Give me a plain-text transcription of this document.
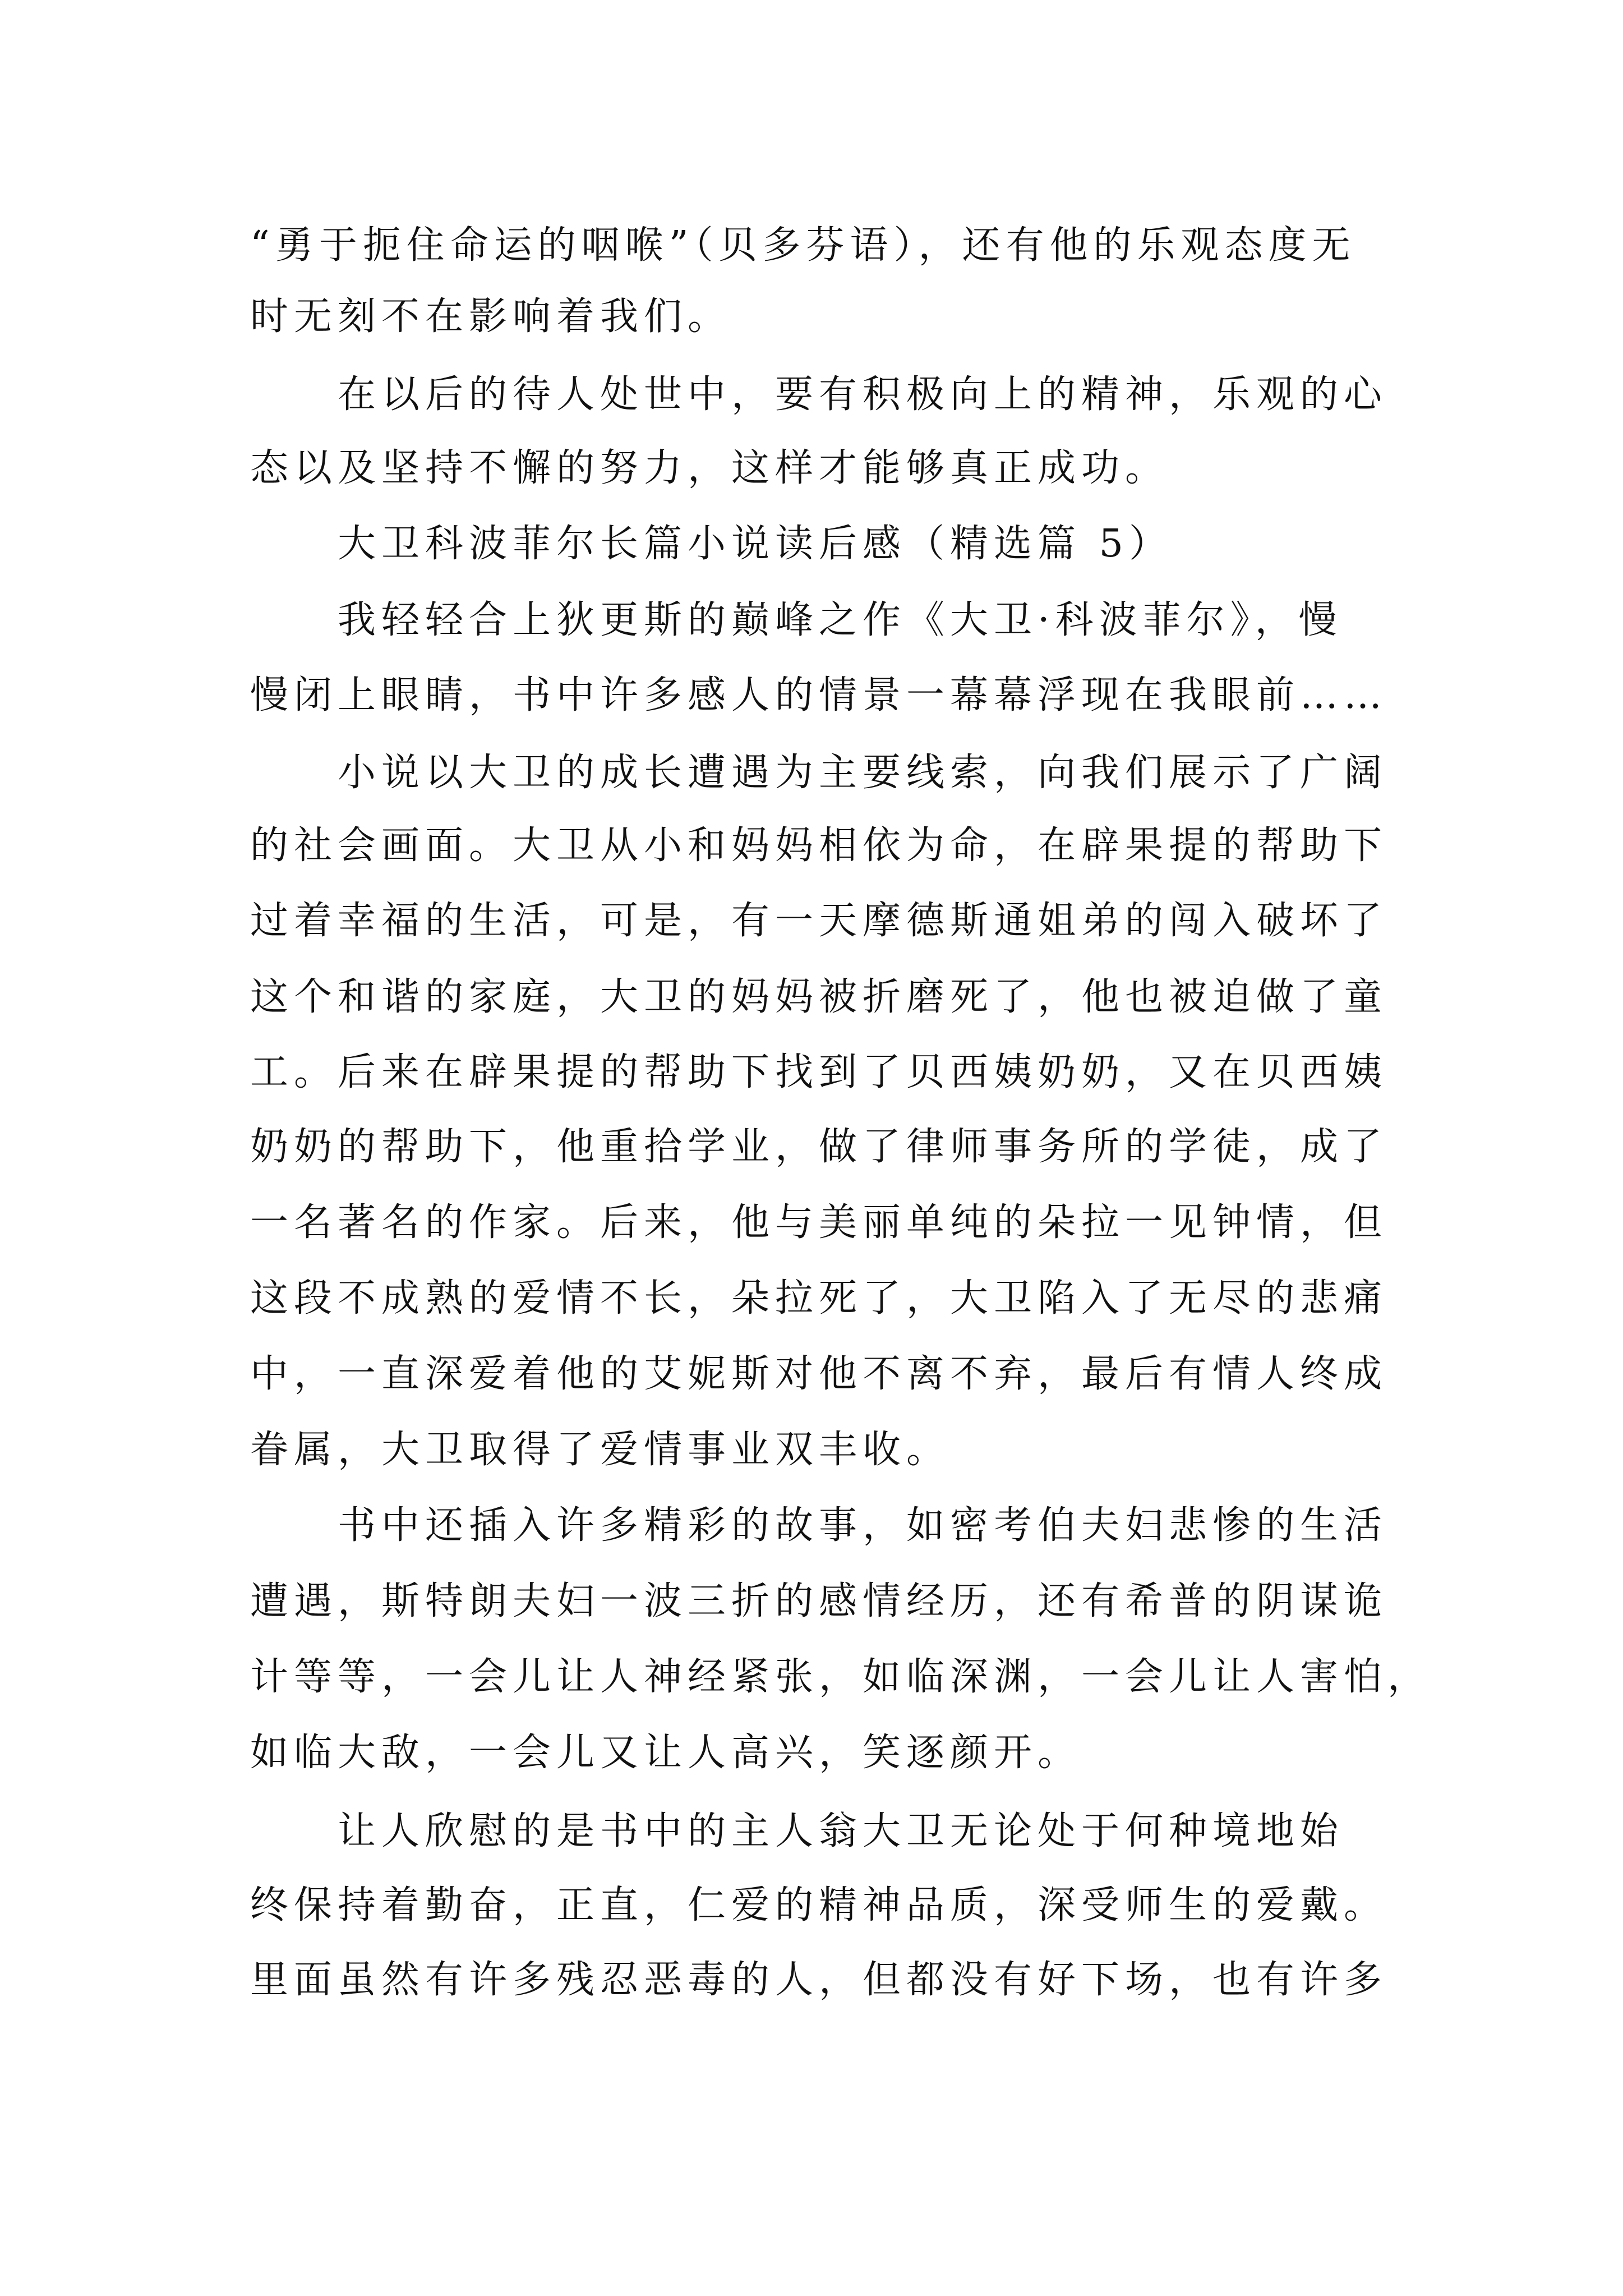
“勇于扼住命运的咽喉”（贝多芬语），还有他的乐观态度无
时无刻不在影响着我们。
在以后的待人处世中，要有积极向上的精神，乐观的心
态以及坚持不懈的努力，这样才能够真正成功。
大卫科波菲尔长篇小说读后感（精选篇 5）
我轻轻合上狄更斯的巅峰之作《大卫·科波菲尔》，慢
慢闭上眼睛，书中许多感人的情景一幕幕浮现在我眼前……
小说以大卫的成长遭遇为主要线索，向我们展示了广阔
的社会画面。大卫从小和妈妈相依为命，在辟果提的帮助下
过着幸福的生活，可是，有一天摩德斯通姐弟的闯入破坏了
这个和谐的家庭，大卫的妈妈被折磨死了，他也被迫做了童
工。后来在辟果提的帮助下找到了贝西姨奶奶，又在贝西姨
奶奶的帮助下，他重拾学业，做了律师事务所的学徒，成了
一名著名的作家。后来，他与美丽单纯的朵拉一见钟情，但
这段不成熟的爱情不长，朵拉死了，大卫陷入了无尽的悲痛
中，一直深爱着他的艾妮斯对他不离不弃，最后有情人终成
眷属，大卫取得了爱情事业双丰收。
书中还插入许多精彩的故事，如密考伯夫妇悲惨的生活
遭遇，斯特朗夫妇一波三折的感情经历，还有希普的阴谋诡
计等等，一会儿让人神经紧张，如临深渊，一会儿让人害怕，
如临大敌，一会儿又让人高兴，笑逐颜开。
让人欣慰的是书中的主人翁大卫无论处于何种境地始
终保持着勤奋，正直，仁爱的精神品质，深受师生的爱戴。
里面虽然有许多残忍恶毒的人，但都没有好下场，也有许多
